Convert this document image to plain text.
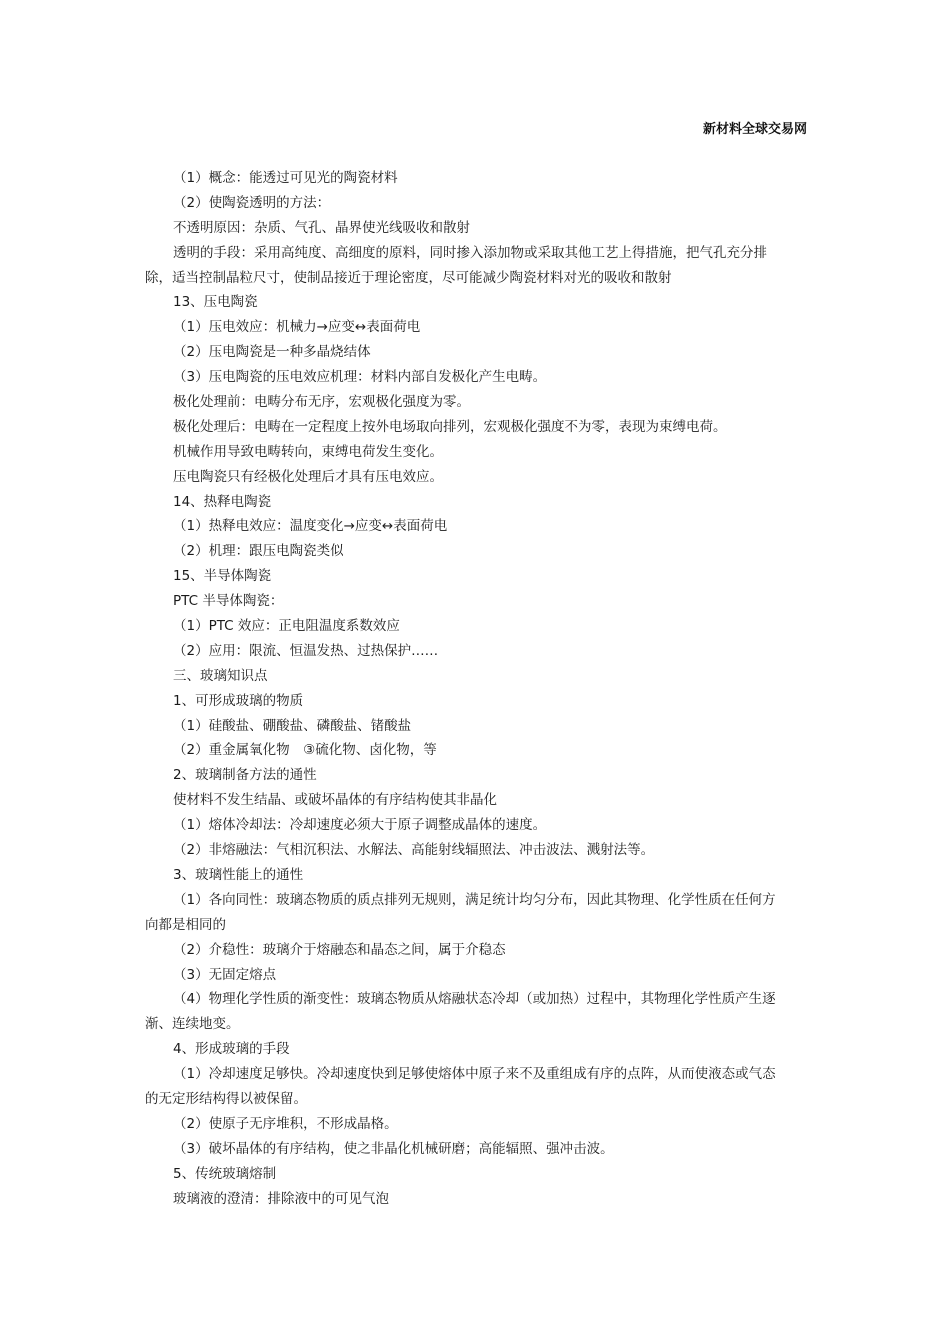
新材料全球交易网
（1）概念：能透过可见光的陶瓷材料
（2）使陶瓷透明的方法：
不透明原因：杂质、气孔、晶界使光线吸收和散射
透明的手段：采用高纯度、高细度的原料，同时掺入添加物或采取其他工艺上得措施，把气孔充分排
除，适当控制晶粒尺寸，使制品接近于理论密度，尽可能减少陶瓷材料对光的吸收和散射
13、压电陶瓷
（1）压电效应：机械力→应变↔表面荷电
（2）压电陶瓷是一种多晶烧结体
（3）压电陶瓷的压电效应机理：材料内部自发极化产生电畴。
极化处理前：电畴分布无序，宏观极化强度为零。
极化处理后：电畴在一定程度上按外电场取向排列，宏观极化强度不为零，表现为束缚电荷。
机械作用导致电畴转向，束缚电荷发生变化。
压电陶瓷只有经极化处理后才具有压电效应。
14、热释电陶瓷
（1）热释电效应：温度变化→应变↔表面荷电
（2）机理：跟压电陶瓷类似
15、半导体陶瓷
PTC 半导体陶瓷：
（1）PTC 效应：正电阻温度系数效应
（2）应用：限流、恒温发热、过热保护……
三、玻璃知识点
1、可形成玻璃的物质
（1）硅酸盐、硼酸盐、磷酸盐、锗酸盐
（2）重金属氧化物　③硫化物、卤化物，等
2、玻璃制备方法的通性
使材料不发生结晶、或破坏晶体的有序结构使其非晶化
（1）熔体冷却法：冷却速度必须大于原子调整成晶体的速度。
（2）非熔融法：气相沉积法、水解法、高能射线辐照法、冲击波法、溅射法等。
3、玻璃性能上的通性
（1）各向同性：玻璃态物质的质点排列无规则，满足统计均匀分布，因此其物理、化学性质在任何方
向都是相同的
（2）介稳性：玻璃介于熔融态和晶态之间，属于介稳态
（3）无固定熔点
（4）物理化学性质的渐变性：玻璃态物质从熔融状态冷却（或加热）过程中，其物理化学性质产生逐
渐、连续地变。
4、形成玻璃的手段
（1）冷却速度足够快。冷却速度快到足够使熔体中原子来不及重组成有序的点阵，从而使液态或气态
的无定形结构得以被保留。
（2）使原子无序堆积，不形成晶格。
（3）破坏晶体的有序结构，使之非晶化机械研磨；高能辐照、强冲击波。
5、传统玻璃熔制
玻璃液的澄清：排除液中的可见气泡
